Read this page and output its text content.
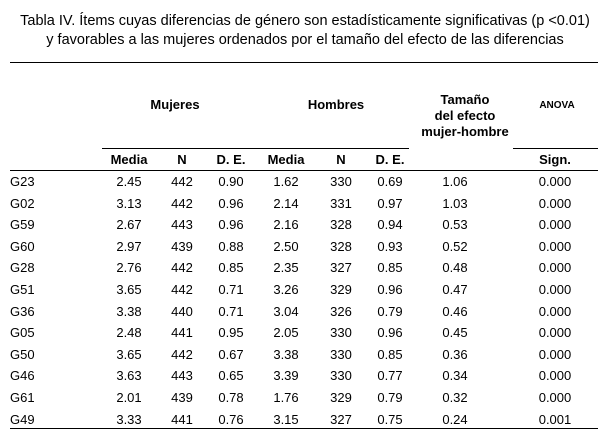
Tabla IV. Ítems cuyas diferencias de género son estadísticamente significativas (p <0.01)
y favorables a las mujeres ordenados por el tamaño del efecto de las diferencias
Mujeres	Hombres	Tamaño
del efecto
mujer-hombre
ANOVA
Media	N	D. E.	Media	N	D. E.	Sign.
G23	2.45	442	0.90	1.62	330	0.69	1.06	0.000
G02	3.13	442	0.96	2.14	331	0.97	1.03	0.000
G59	2.67	443	0.96	2.16	328	0.94	0.53	0.000
G60	2.97	439	0.88	2.50	328	0.93	0.52	0.000
G28	2.76	442	0.85	2.35	327	0.85	0.48	0.000
G51	3.65	442	0.71	3.26	329	0.96	0.47	0.000
G36	3.38	440	0.71	3.04	326	0.79	0.46	0.000
G05	2.48	441	0.95	2.05	330	0.96	0.45	0.000
G50	3.65	442	0.67	3.38	330	0.85	0.36	0.000
G46	3.63	443	0.65	3.39	330	0.77	0.34	0.000
G61	2.01	439	0.78	1.76	329	0.79	0.32	0.000
G49	3.33	441	0.76	3.15	327	0.75	0.24	0.001
